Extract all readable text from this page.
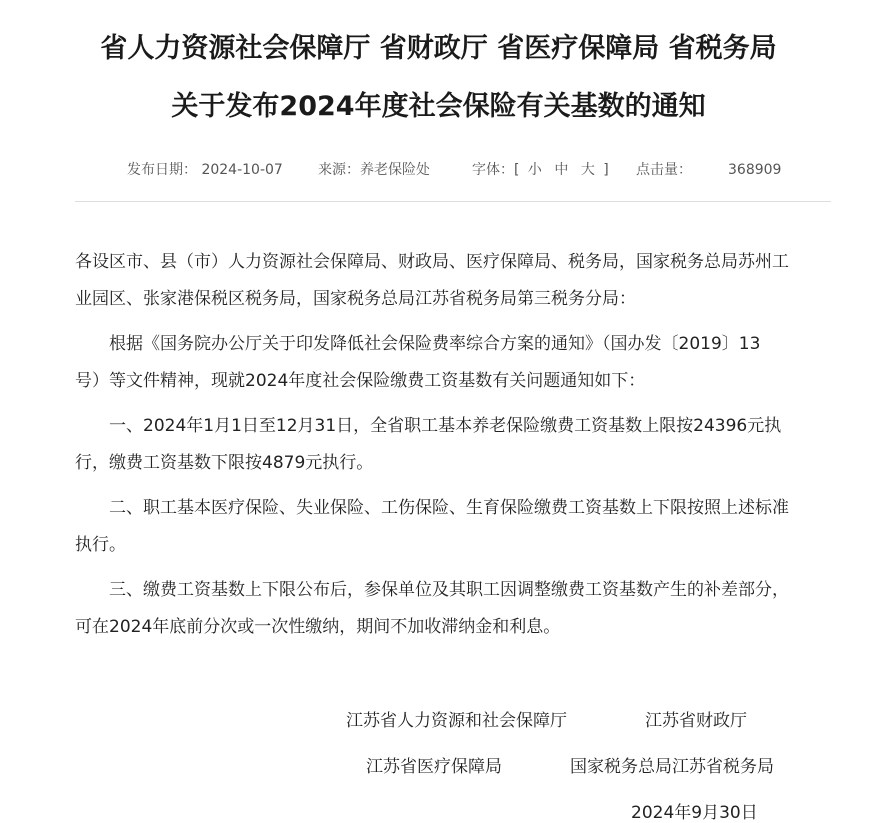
省人力资源社会保障厅 省财政厅 省医疗保障局 省税务局
关于发布2024年度社会保险有关基数的通知
发布日期： 2024-10-07	来源：养老保险处	字体：[ 小 中 大 ] 点击量：	368909

各设区市、县（市）人力资源社会保障局、财政局、医疗保障局、税务局，国家税务总局苏州工
业园区、张家港保税区税务局，国家税务总局江苏省税务局第三税务分局：

根据《国务院办公厅关于印发降低社会保险费率综合方案的通知》（国办发〔2019〕13
号）等文件精神，现就2024年度社会保险缴费工资基数有关问题通知如下：

一、2024年1月1日至12月31日，全省职工基本养老保险缴费工资基数上限按24396元执
行，缴费工资基数下限按4879元执行。

二、职工基本医疗保险、失业保险、工伤保险、生育保险缴费工资基数上下限按照上述标准
执行。

三、缴费工资基数上下限公布后，参保单位及其职工因调整缴费工资基数产生的补差部分，
可在2024年底前分次或一次性缴纳，期间不加收滞纳金和利息。

江苏省人力资源和社会保障厅	江苏省财政厅
江苏省医疗保障局	国家税务总局江苏省税务局
2024年9月30日
